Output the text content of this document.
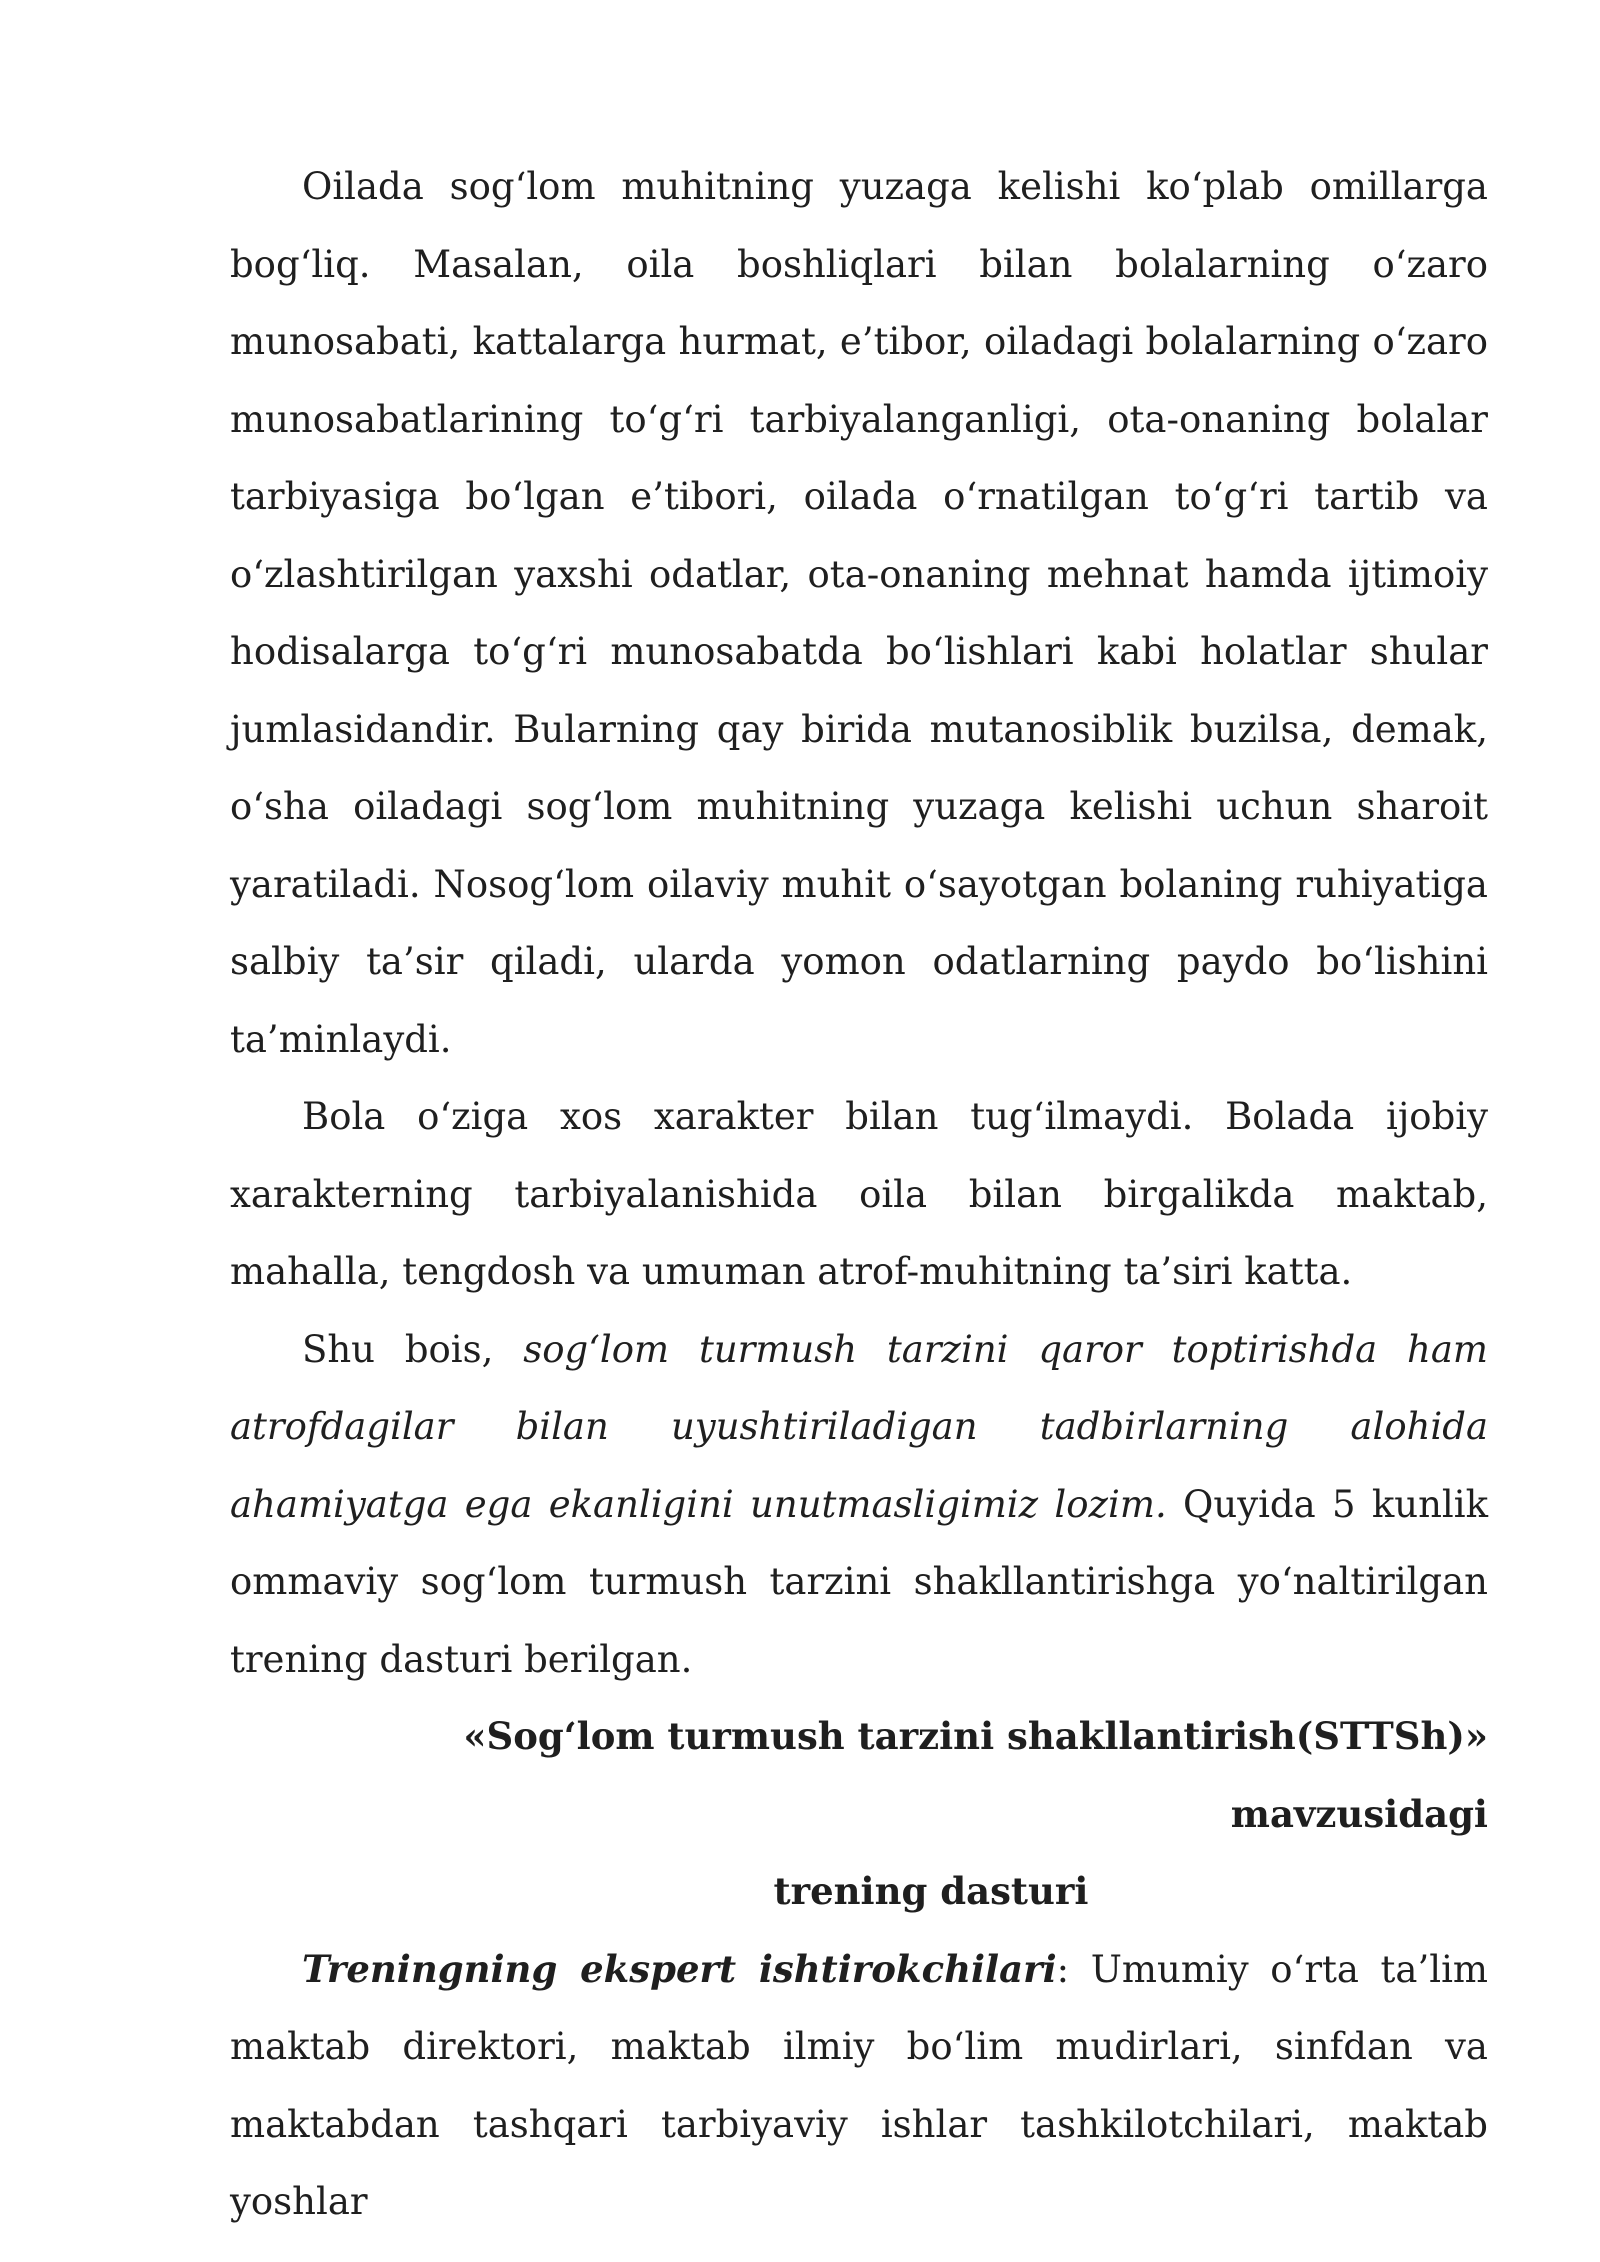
Oilada sog‘lom muhitning yuzaga kelishi ko‘plab omillarga bog‘liq. Masalan, oila boshliqlari bilan bolalarning o‘zaro munosabati, kattalarga hurmat, e’tibor, oiladagi bolalarning o‘zaro munosabatlarining to‘g‘ri tarbiyalanganligi, ota-onaning bolalar tarbiyasiga bo‘lgan e’tibori, oilada o‘rnatilgan to‘g‘ri tartib va o‘zlashtirilgan yaxshi odatlar, ota-onaning mehnat hamda ijtimoiy hodisalarga to‘g‘ri munosabatda bo‘lishlari kabi holatlar shular jumlasidandir. Bularning qay birida mutanosiblik buzilsa, demak, o‘sha oiladagi sog‘lom muhitning yuzaga kelishi uchun sharoit yaratiladi. Nosog‘lom oilaviy muhit o‘sayotgan bolaning ruhiyatiga salbiy ta’sir qiladi, ularda yomon odatlarning paydo bo‘lishini ta’minlaydi.

Bola o‘ziga xos xarakter bilan tug‘ilmaydi. Bolada ijobiy xarakterning tarbiyalanishida oila bilan birgalikda maktab, mahalla, tengdosh va umuman atrof-muhitning ta’siri katta.

Shu bois, sog‘lom turmush tarzini qaror toptirishda ham atrofdagilar bilan uyushtiriladigan tadbirlarning alohida ahamiyatga ega ekanligini unutmasligimiz lozim. Quyida 5 kunlik ommaviy sog‘lom turmush tarzini shakllantirishga yo‘naltirilgan trening dasturi berilgan.

«Sog‘lom turmush tarzini shakllantirish(STTSh)» mavzusidagi

trening dasturi

Treningning ekspert ishtirokchilari: Umumiy o‘rta ta’lim maktab direktori, maktab ilmiy bo‘lim mudirlari, sinfdan va maktabdan tashqari tarbiyaviy ishlar tashkilotchilari, maktab yoshlar
